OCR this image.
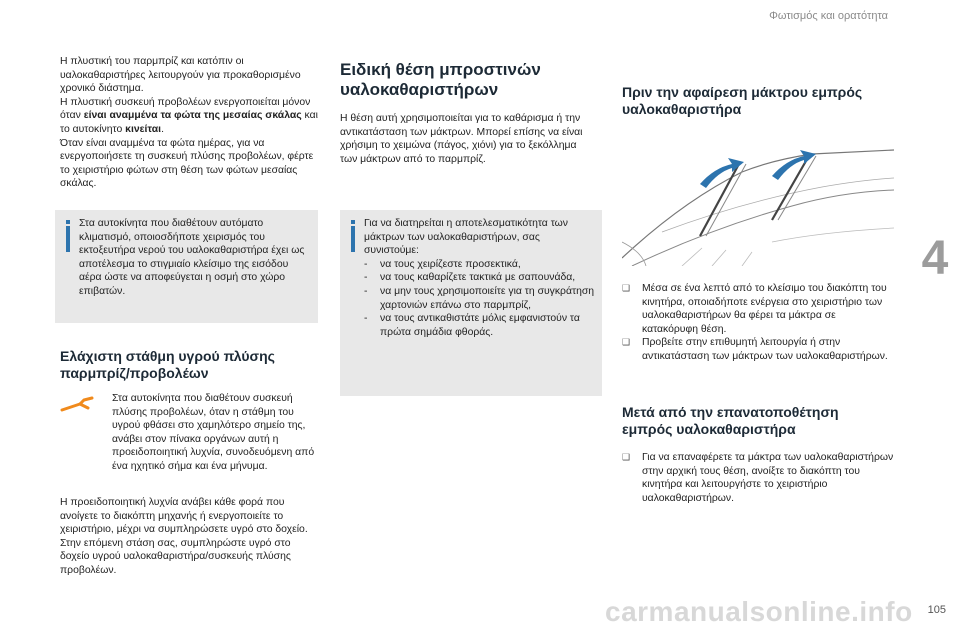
Φωτισμός και ορατότητα
4

Η πλυστική του παρμπρίζ και κατόπιν οι υαλοκαθαριστήρες λειτουργούν για προκαθορισμένο χρονικό διάστημα.

Η πλυστική συσκευή προβολέων ενεργοποιείται μόνον όταν είναι αναμμένα τα φώτα της μεσαίας σκάλας και το αυτοκίνητο κινείται.

Όταν είναι αναμμένα τα φώτα ημέρας, για να ενεργοποιήσετε τη συσκευή πλύσης προβολέων, φέρτε το χειριστήριο φώτων στη θέση των φώτων μεσαίας σκάλας.

Στα αυτοκίνητα που διαθέτουν αυτόματο κλιματισμό, οποιοσδήποτε χειρισμός του εκτοξευτήρα νερού του υαλοκαθαριστήρα έχει ως αποτέλεσμα το στιγμιαίο κλείσιμο της εισόδου αέρα ώστε να αποφεύγεται η οσμή στο χώρο επιβατών.
Ελάχιστη στάθμη υγρού πλύσης παρμπρίζ/προβολέων
Στα αυτοκίνητα που διαθέτουν συσκευή πλύσης προβολέων, όταν η στάθμη του υγρού φθάσει στο χαμηλότερο σημείο της, ανάβει στον πίνακα οργάνων αυτή η προειδοποιητική λυχνία, συνοδευόμενη από ένα ηχητικό σήμα και ένα μήνυμα.

Η προειδοποιητική λυχνία ανάβει κάθε φορά που ανοίγετε το διακόπτη μηχανής ή ενεργοποιείτε το χειριστήριο, μέχρι να συμπληρώσετε υγρό στο δοχείο.

Στην επόμενη στάση σας, συμπληρώστε υγρό στο δοχείο υγρού υαλοκαθαριστήρα/συσκευής πλύσης προβολέων.

Ειδική θέση μπροστινών υαλοκαθαριστήρων
Η θέση αυτή χρησιμοποιείται για το καθάρισμα ή την αντικατάσταση των μάκτρων. Μπορεί επίσης να είναι χρήσιμη το χειμώνα (πάγος, χιόνι) για το ξεκόλλημα των μάκτρων από το παρμπρίζ.

Για να διατηρείται η αποτελεσματικότητα των μάκτρων των υαλοκαθαριστήρων, σας συνιστούμε:

- να τους χειρίζεστε προσεκτικά,
- να τους καθαρίζετε τακτικά με σαπουνάδα,
- να μην τους χρησιμοποιείτε για τη συγκράτηση χαρτονιών επάνω στο παρμπρίζ,
- να τους αντικαθιστάτε μόλις εμφανιστούν τα πρώτα σημάδια φθοράς.
Πριν την αφαίρεση μάκτρου εμπρός υαλοκαθαριστήρα
❑ Μέσα σε ένα λεπτό από το κλείσιμο του διακόπτη του κινητήρα, οποιαδήποτε ενέργεια στο χειριστήριο των υαλοκαθαριστήρων θα φέρει τα μάκτρα σε κατακόρυφη θέση.
❑ Προβείτε στην επιθυμητή λειτουργία ή στην αντικατάσταση των μάκτρων των υαλοκαθαριστήρων.
Μετά από την επανατοποθέτηση εμπρός υαλοκαθαριστήρα
❑ Για να επαναφέρετε τα μάκτρα των υαλοκαθαριστήρων στην αρχική τους θέση, ανοίξτε το διακόπτη του κινητήρα και λειτουργήστε το χειριστήριο υαλοκαθαριστήρων.
carmanualsonline.info 105
